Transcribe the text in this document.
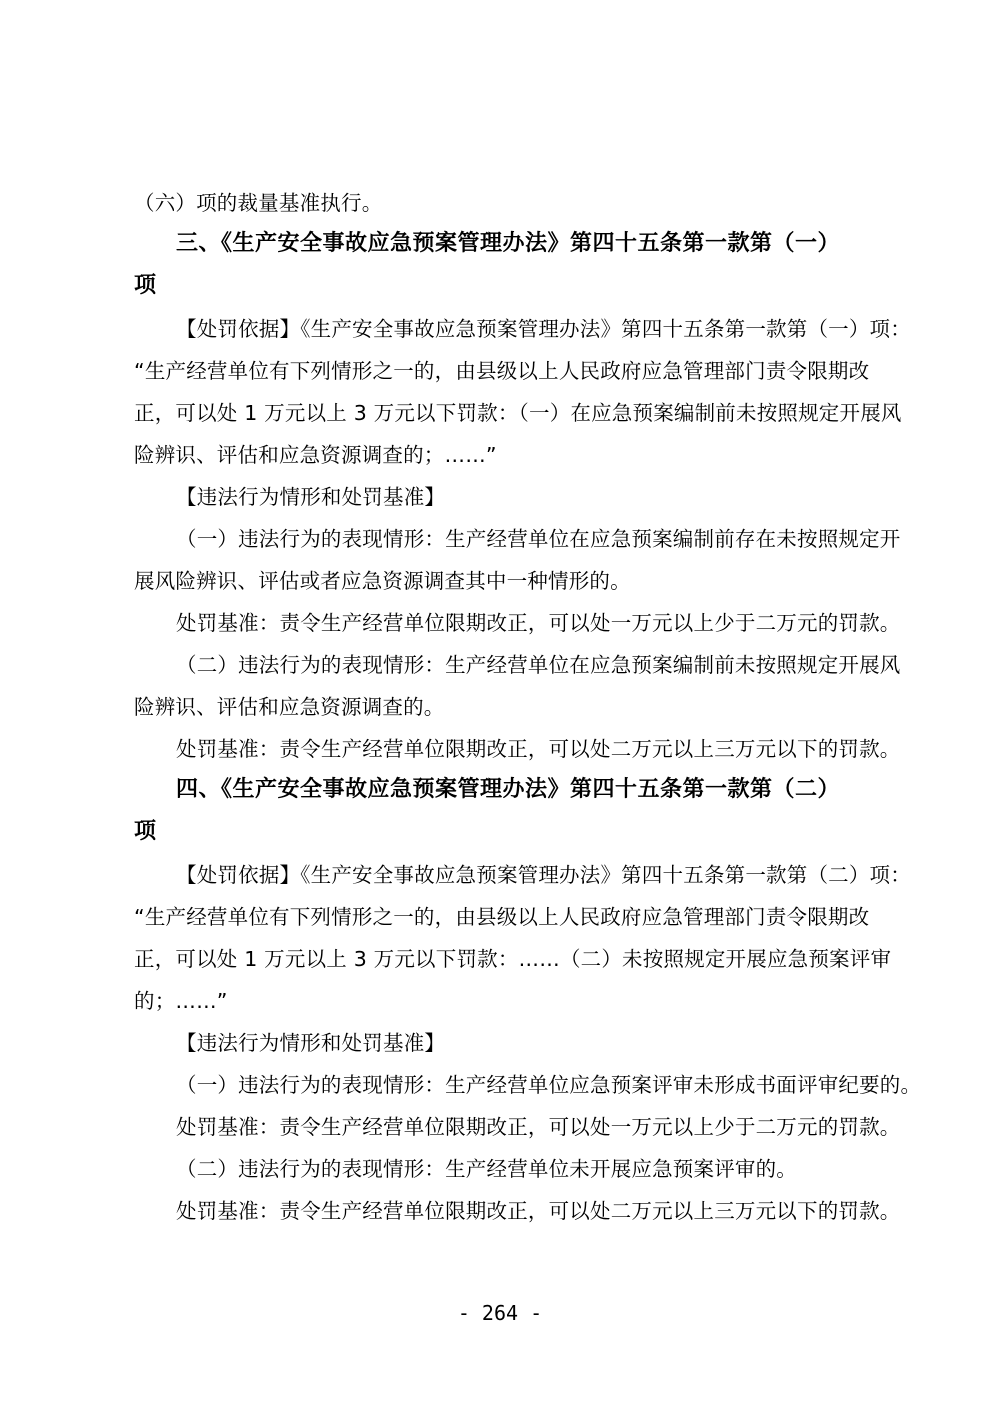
（六）项的裁量基准执行。
三、《生产安全事故应急预案管理办法》第四十五条第一款第（一）
项
【处罚依据】《生产安全事故应急预案管理办法》第四十五条第一款第（一）项：
“生产经营单位有下列情形之一的，由县级以上人民政府应急管理部门责令限期改
正，可以处 1 万元以上 3 万元以下罚款：（一）在应急预案编制前未按照规定开展风
险辨识、评估和应急资源调查的；……”
【违法行为情形和处罚基准】
（一）违法行为的表现情形：生产经营单位在应急预案编制前存在未按照规定开
展风险辨识、评估或者应急资源调查其中一种情形的。
处罚基准：责令生产经营单位限期改正，可以处一万元以上少于二万元的罚款。
（二）违法行为的表现情形：生产经营单位在应急预案编制前未按照规定开展风
险辨识、评估和应急资源调查的。
处罚基准：责令生产经营单位限期改正，可以处二万元以上三万元以下的罚款。
四、《生产安全事故应急预案管理办法》第四十五条第一款第（二）
项
【处罚依据】《生产安全事故应急预案管理办法》第四十五条第一款第（二）项：
“生产经营单位有下列情形之一的，由县级以上人民政府应急管理部门责令限期改
正，可以处 1 万元以上 3 万元以下罚款：……（二）未按照规定开展应急预案评审
的；……”
【违法行为情形和处罚基准】
（一）违法行为的表现情形：生产经营单位应急预案评审未形成书面评审纪要的。
处罚基准：责令生产经营单位限期改正，可以处一万元以上少于二万元的罚款。
（二）违法行为的表现情形：生产经营单位未开展应急预案评审的。
处罚基准：责令生产经营单位限期改正，可以处二万元以上三万元以下的罚款。
- 264 -
